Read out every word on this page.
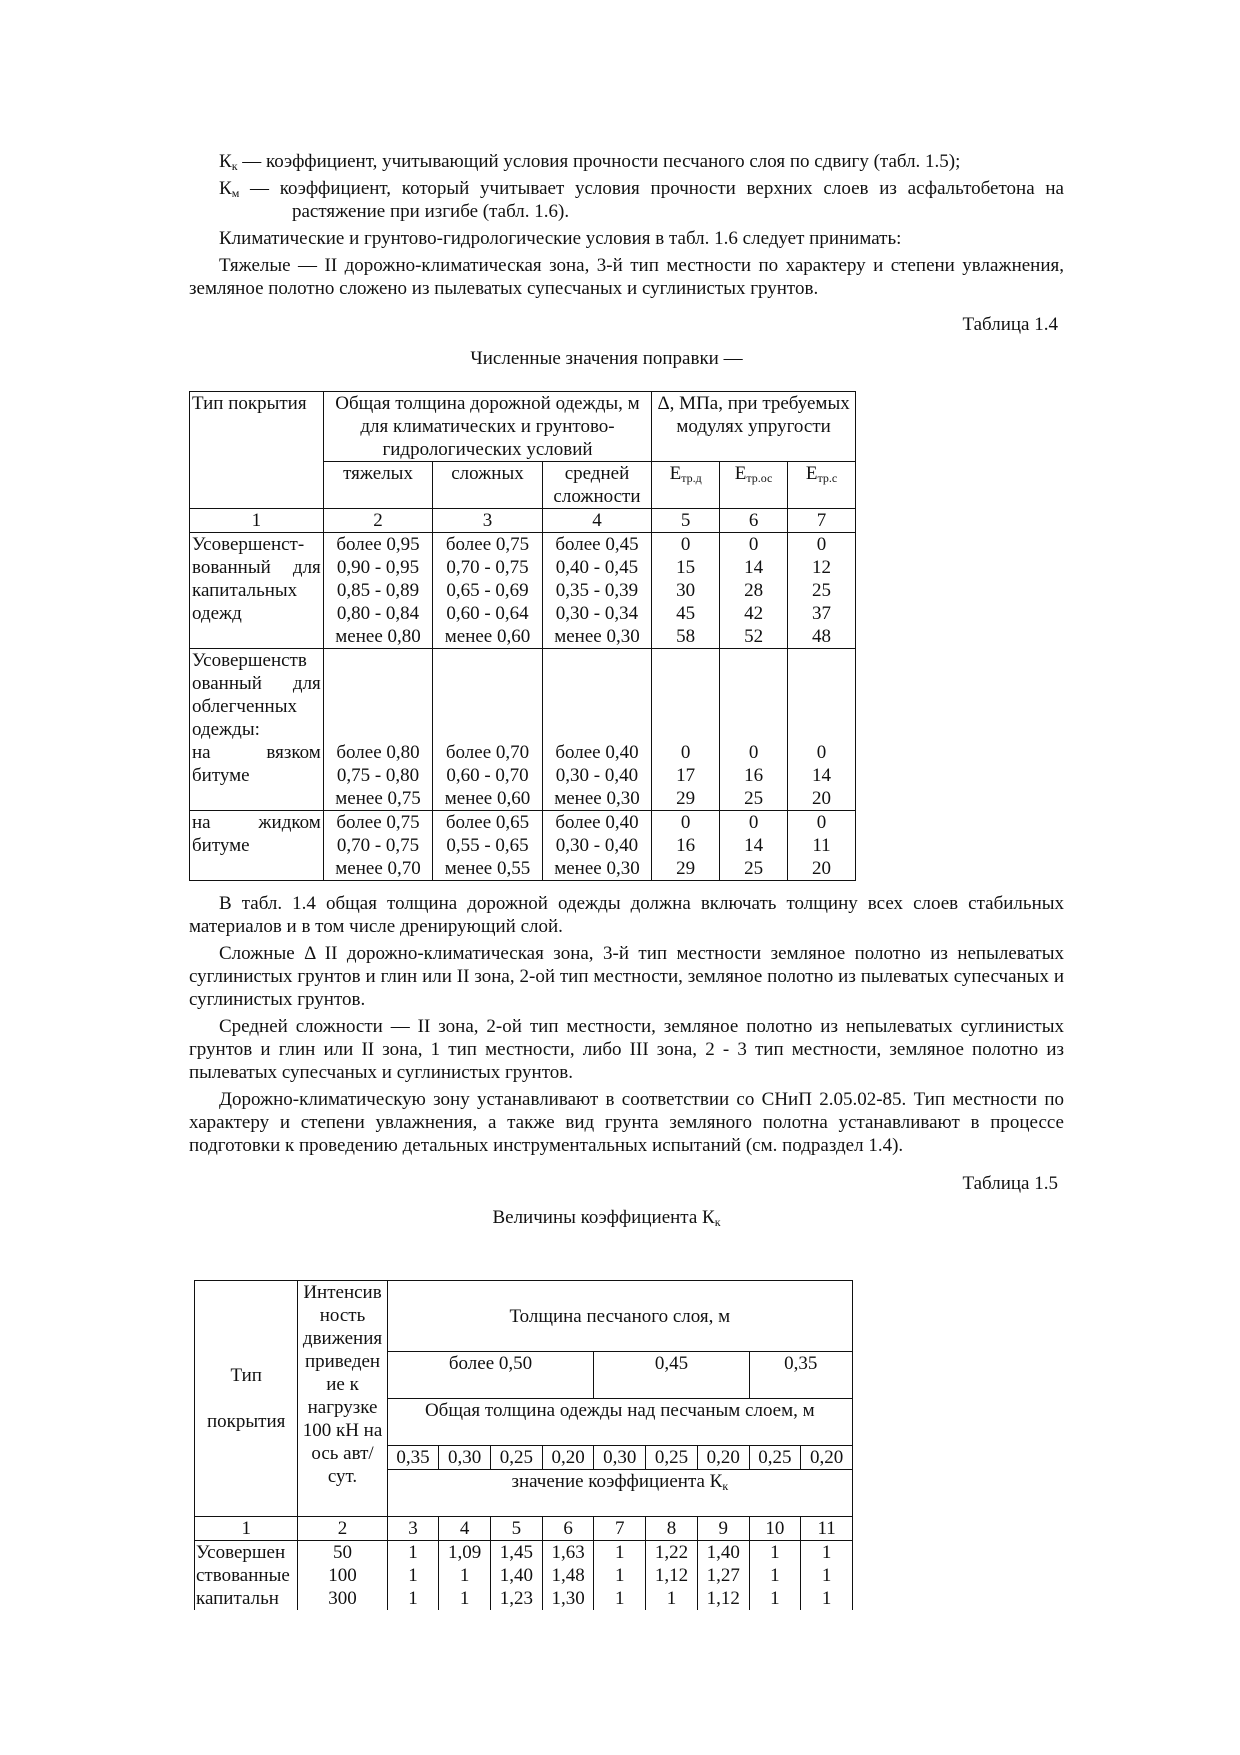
$К_к$ — коэффициент, учитывающий условия прочности песчаного слоя по сдвигу (табл. 1.5);

$К_м$ — коэффициент, который учитывает условия прочности верхних слоев из асфальтобетона на растяжение при изгибе (табл. 1.6).

Климатические и грунтово-гидрологические условия в табл. 1.6 следует принимать:

Тяжелые — II дорожно-климатическая зона, 3-й тип местности по характеру и степени увлажнения, земляное полотно сложено из пылеватых супесчаных и суглинистых грунтов.

Таблица 1.4

Численные значения поправки —

Тип покрытия	Общая толщина дорожной одежды, м для климатических и грунтово-гидрологических условий			Δ, МПа, при требуемых модулях упругости		
	тяжелых	сложных	средней сложности	$Е_{тр.д}$	$Е_{тр.ос}$	$Е_{тр.с}$
1	2	3	4	5	6	7
Усовершенст-вованный для капитальных одежд	более 0,95	более 0,75	более 0,45	0	0	0
	0,90 - 0,95	0,70 - 0,75	0,40 - 0,45	15	14	12
	0,85 - 0,89	0,65 - 0,69	0,35 - 0,39	30	28	25
	0,80 - 0,84	0,60 - 0,64	0,30 - 0,34	45	42	37
	менее 0,80	менее 0,60	менее 0,30	58	52	48
Усовершенств ованный для облегченных одежды:						
на вязком битуме	более 0,80	более 0,70	более 0,40	0	0	0
	0,75 - 0,80	0,60 - 0,70	0,30 - 0,40	17	16	14
	менее 0,75	менее 0,60	менее 0,30	29	25	20
на жидком битуме	более 0,75	более 0,65	более 0,40	0	0	0
	0,70 - 0,75	0,55 - 0,65	0,30 - 0,40	16	14	11
	менее 0,70	менее 0,55	менее 0,30	29	25	20

В табл. 1.4 общая толщина дорожной одежды должна включать толщину всех слоев стабильных материалов и в том числе дренирующий слой.

Сложные Δ II дорожно-климатическая зона, 3-й тип местности земляное полотно из непылеватых суглинистых грунтов и глин или II зона, 2-ой тип местности, земляное полотно из пылеватых супесчаных и суглинистых грунтов.

Средней сложности — II зона, 2-ой тип местности, земляное полотно из непылеватых суглинистых грунтов и глин или II зона, 1 тип местности, либо III зона, 2 - 3 тип местности, земляное полотно из пылеватых супесчаных и суглинистых грунтов.

Дорожно-климатическую зону устанавливают в соответствии со СНиП 2.05.02-85. Тип местности по характеру и степени увлажнения, а также вид грунта земляного полотна устанавливают в процессе подготовки к проведению детальных инструментальных испытаний (см. подраздел 1.4).

Таблица 1.5

Величины коэффициента $К_к$

Тип

покрытия	Интенсив ность движения приведен ие к нагрузке 100 кН на ось авт/сут.	Толщина песчаного слоя, м								
		более 0,50				0,45			0,35	
		Общая толщина одежды над песчаным слоем, м								
		0,35	0,30	0,25	0,20	0,30	0,25	0,20	0,25	0,20
		значение коэффициента $К_к$
1	2	3	4	5	6	7	8	9	10	11
Усовершен ствованные капитальн	50	1	1,09	1,45	1,63	1	1,22	1,40	1	1
	100	1	1	1,40	1,48	1	1,12	1,27	1	1
	300	1	1	1,23	1,30	1	1	1,12	1	1
